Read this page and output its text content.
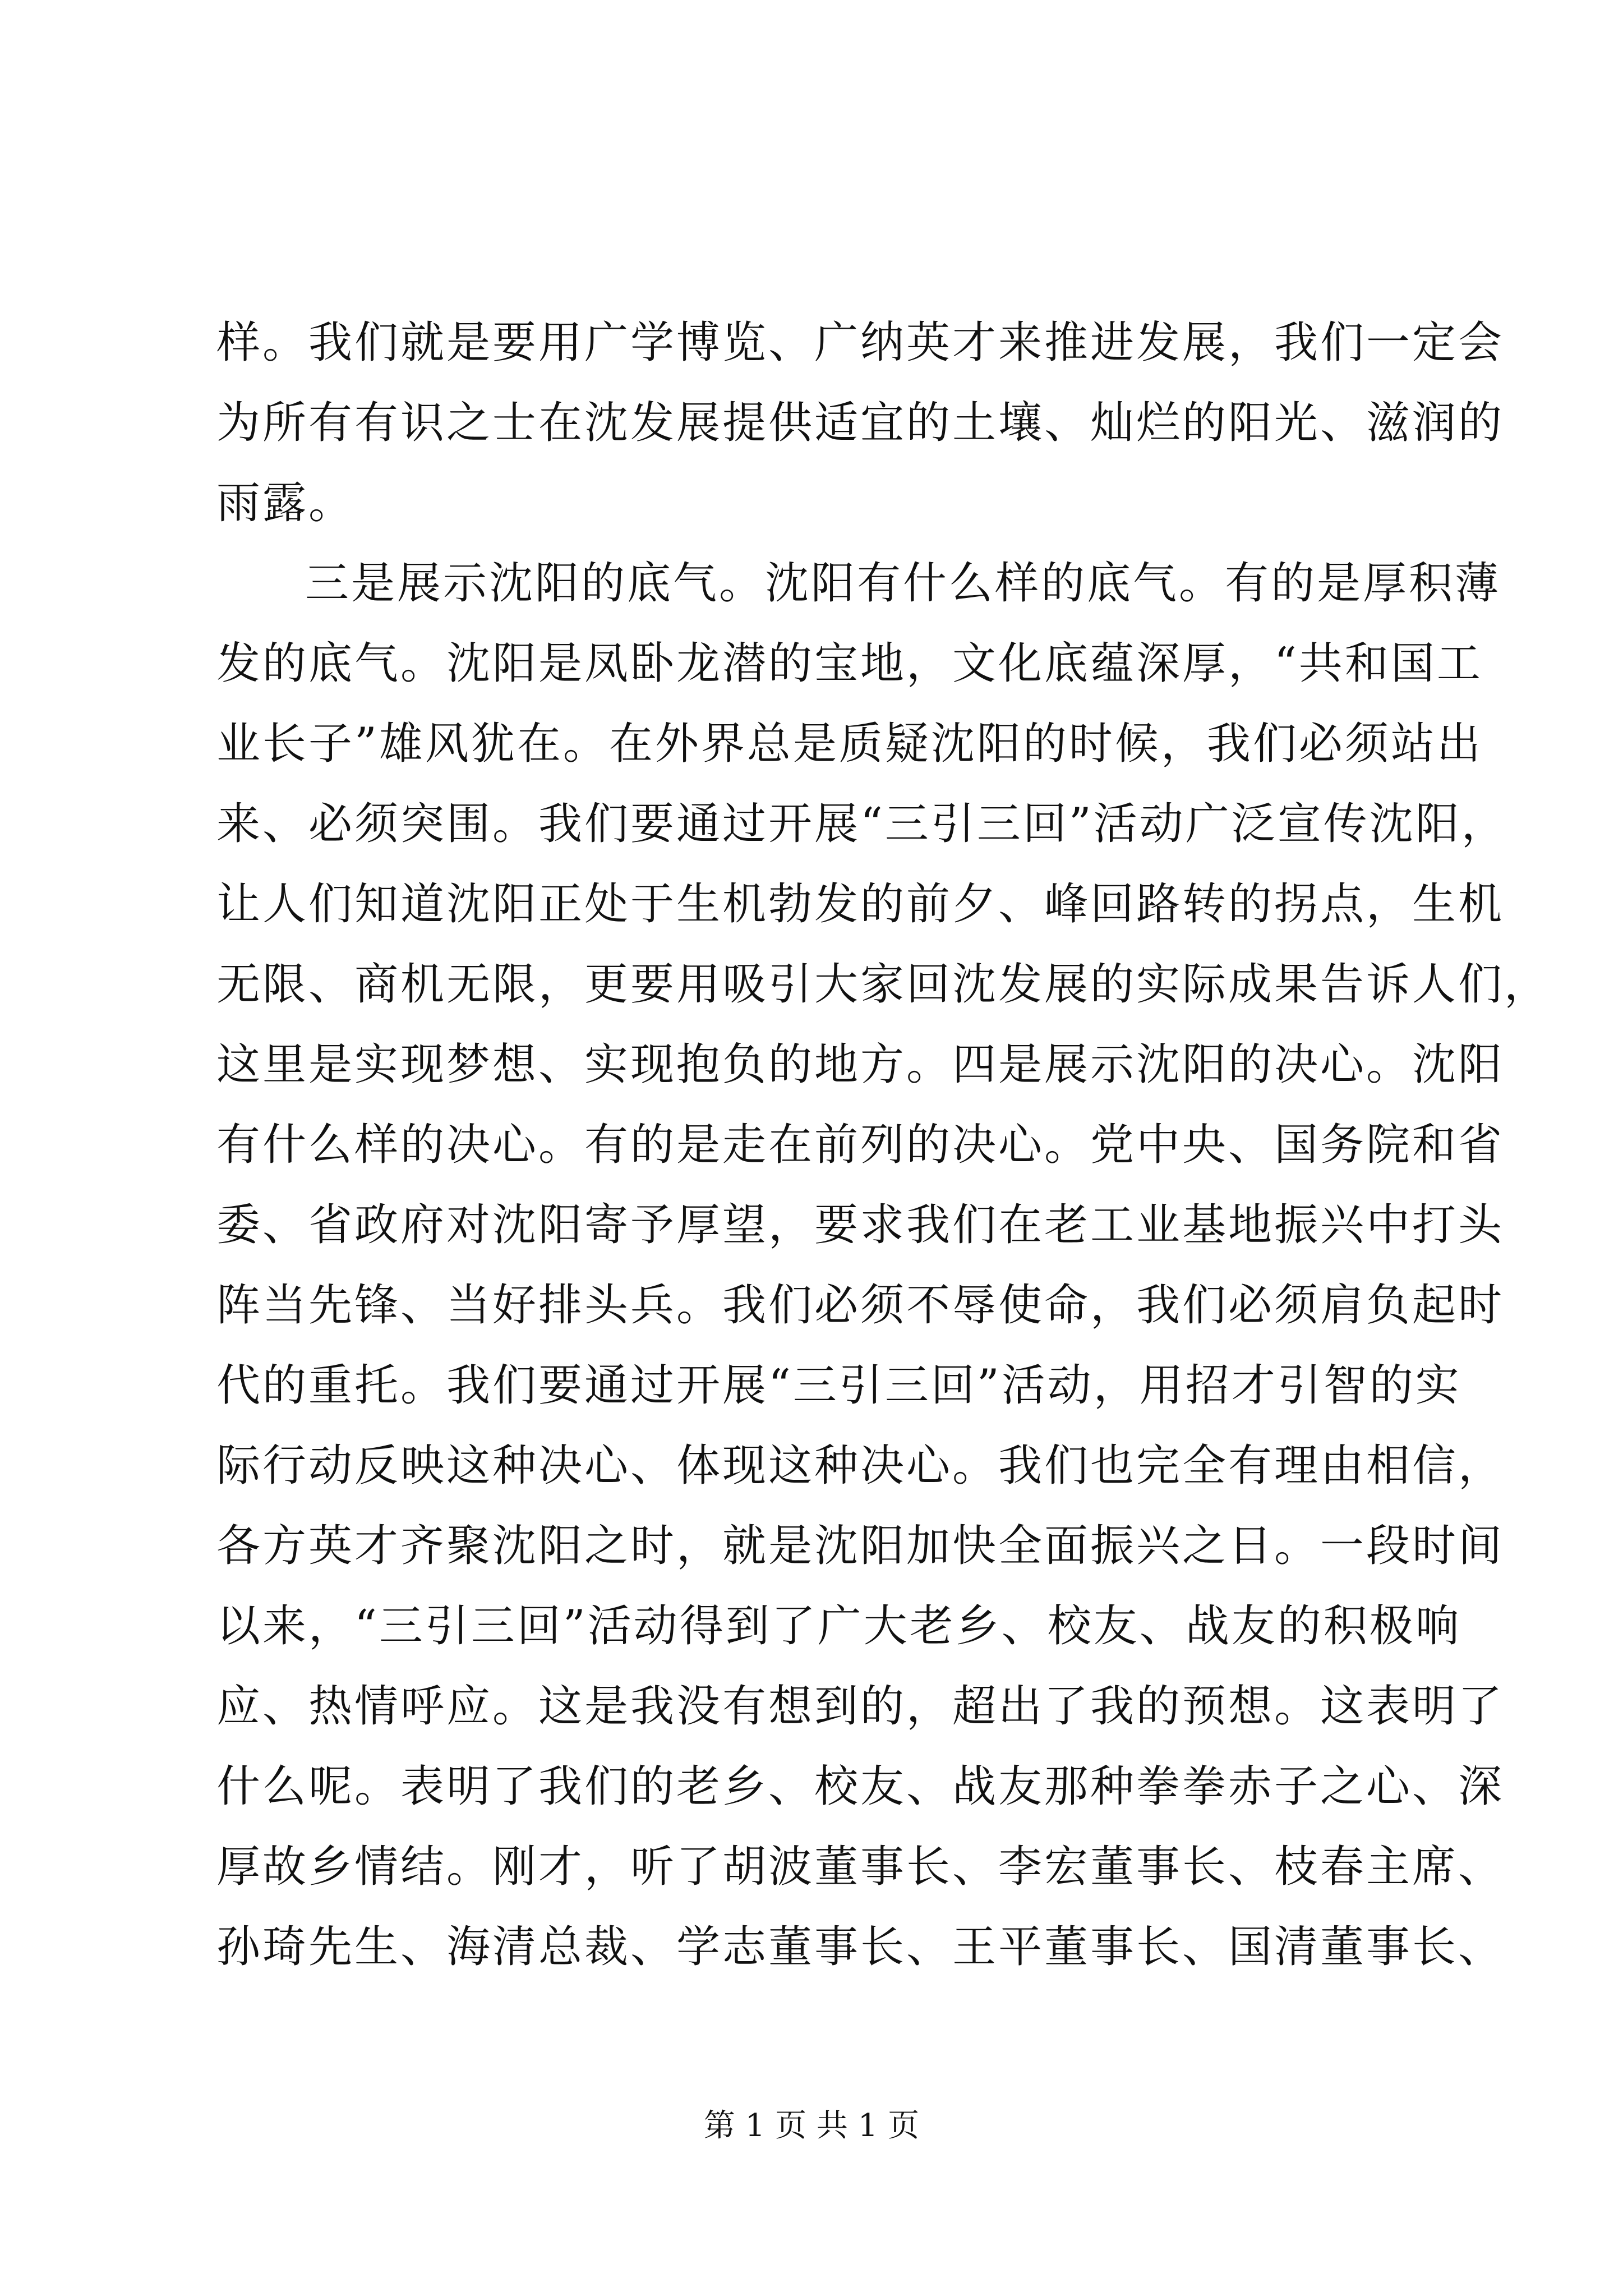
样。我们就是要用广学博览、广纳英才来推进发展，我们一定会
为所有有识之士在沈发展提供适宜的土壤、灿烂的阳光、滋润的
雨露。
三是展示沈阳的底气。沈阳有什么样的底气。有的是厚积薄
发的底气。沈阳是凤卧龙潜的宝地，文化底蕴深厚，“共和国工
业长子”雄风犹在。在外界总是质疑沈阳的时候，我们必须站出
来、必须突围。我们要通过开展“三引三回”活动广泛宣传沈阳，
让人们知道沈阳正处于生机勃发的前夕、峰回路转的拐点，生机
无限、商机无限，更要用吸引大家回沈发展的实际成果告诉人们，
这里是实现梦想、实现抱负的地方。四是展示沈阳的决心。沈阳
有什么样的决心。有的是走在前列的决心。党中央、国务院和省
委、省政府对沈阳寄予厚望，要求我们在老工业基地振兴中打头
阵当先锋、当好排头兵。我们必须不辱使命，我们必须肩负起时
代的重托。我们要通过开展“三引三回”活动，用招才引智的实
际行动反映这种决心、体现这种决心。我们也完全有理由相信，
各方英才齐聚沈阳之时，就是沈阳加快全面振兴之日。一段时间
以来，“三引三回”活动得到了广大老乡、校友、战友的积极响
应、热情呼应。这是我没有想到的，超出了我的预想。这表明了
什么呢。表明了我们的老乡、校友、战友那种拳拳赤子之心、深
厚故乡情结。刚才，听了胡波董事长、李宏董事长、枝春主席、
孙琦先生、海清总裁、学志董事长、王平董事长、国清董事长、
第 1 页 共 1 页
